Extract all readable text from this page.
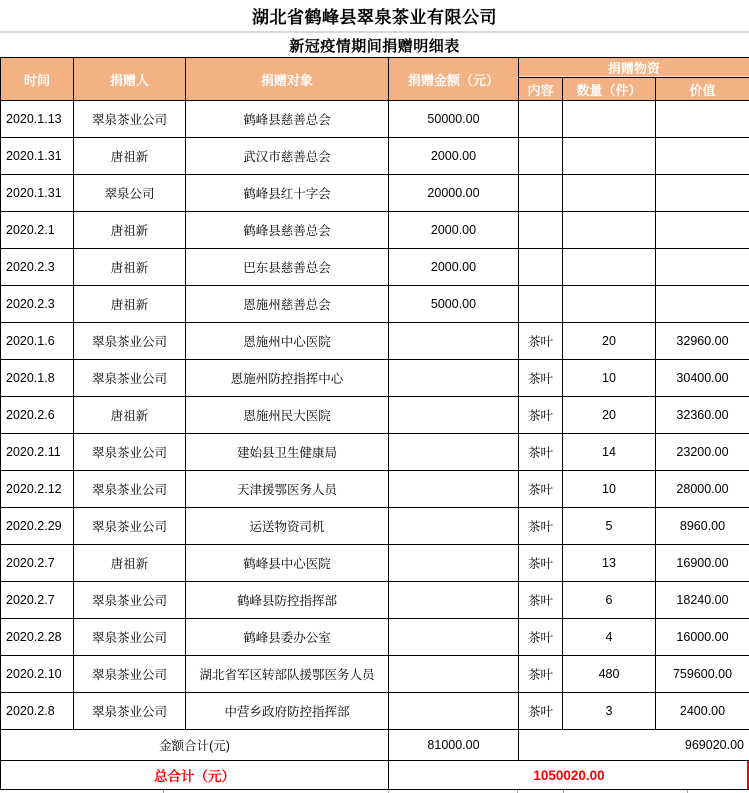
湖北省鹤峰县翠泉茶业有限公司
新冠疫情期间捐赠明细表
时间	捐赠人	捐赠对象	捐赠金额（元）	捐赠物资		
				内容	数量（件）	价值
2020.1.13	翠泉茶业公司	鹤峰县慈善总会	50000.00			
2020.1.31	唐祖新	武汉市慈善总会	2000.00			
2020.1.31	翠泉公司	鹤峰县红十字会	20000.00			
2020.2.1	唐祖新	鹤峰县慈善总会	2000.00			
2020.2.3	唐祖新	巴东县慈善总会	2000.00			
2020.2.3	唐祖新	恩施州慈善总会	5000.00			
2020.1.6	翠泉茶业公司	恩施州中心医院		茶叶	20	32960.00
2020.1.8	翠泉茶业公司	恩施州防控指挥中心		茶叶	10	30400.00
2020.2.6	唐祖新	恩施州民大医院		茶叶	20	32360.00
2020.2.11	翠泉茶业公司	建始县卫生健康局		茶叶	14	23200.00
2020.2.12	翠泉茶业公司	天津援鄂医务人员		茶叶	10	28000.00
2020.2.29	翠泉茶业公司	运送物资司机		茶叶	5	8960.00
2020.2.7	唐祖新	鹤峰县中心医院		茶叶	13	16900.00
2020.2.7	翠泉茶业公司	鹤峰县防控指挥部		茶叶	6	18240.00
2020.2.28	翠泉茶业公司	鹤峰县委办公室		茶叶	4	16000.00
2020.2.10	翠泉茶业公司	湖北省军区转部队援鄂医务人员		茶叶	480	759600.00
2020.2.8	翠泉茶业公司	中营乡政府防控指挥部		茶叶	3	2400.00
金额合计(元)			81000.00	969020.00		
总合计（元）			1050020.00			
